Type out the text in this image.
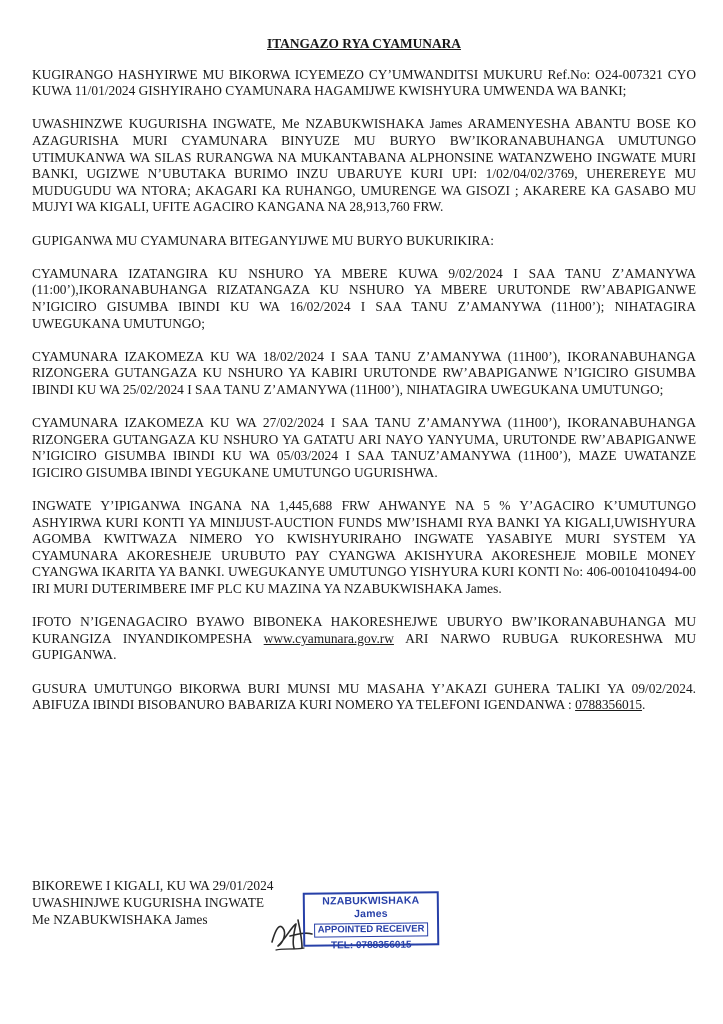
ITANGAZO RYA CYAMUNARA
KUGIRANGO HASHYIRWE MU BIKORWA ICYEMEZO CY’UMWANDITSI MUKURU Ref.No: O24-007321 CYO KUWA 11/01/2024 GISHYIRAHO CYAMUNARA HAGAMIJWE KWISHYURA UMWENDA WA BANKI;
UWASHINZWE KUGURISHA INGWATE, Me NZABUKWISHAKA James ARAMENYESHA ABANTU BOSE KO AZAGURISHA MURI CYAMUNARA BINYUZE MU BURYO BW’IKORANABUHANGA UMUTUNGO UTIMUKANWA WA SILAS RURANGWA NA MUKANTABANA ALPHONSINE WATANZWEHO INGWATE MURI BANKI, UGIZWE N’UBUTAKA BURIMO INZU UBARUYE KURI UPI: 1/02/04/02/3769, UHEREREYE MU MUDUGUDU WA NTORA; AKAGARI KA RUHANGO, UMURENGE WA GISOZI ; AKARERE KA GASABO MU MUJYI WA KIGALI, UFITE AGACIRO KANGANA NA 28,913,760 FRW.
GUPIGANWA MU CYAMUNARA BITEGANYIJWE MU BURYO BUKURIKIRA:
CYAMUNARA IZATANGIRA KU NSHURO YA MBERE KUWA 9/02/2024 I SAA TANU Z’AMANYWA (11:00’),IKORANABUHANGA RIZATANGAZA KU NSHURO YA MBERE URUTONDE RW’ABAPIGANWE N’IGICIRO GISUMBA IBINDI KU WA 16/02/2024 I SAA TANU Z’AMANYWA (11H00’); NIHATAGIRA UWEGUKANA UMUTUNGO;
CYAMUNARA IZAKOMEZA KU WA 18/02/2024 I SAA TANU Z’AMANYWA (11H00’), IKORANABUHANGA RIZONGERA GUTANGAZA KU NSHURO YA KABIRI URUTONDE RW’ABAPIGANWE N’IGICIRO GISUMBA IBINDI KU WA 25/02/2024 I SAA TANU Z’AMANYWA (11H00’), NIHATAGIRA UWEGUKANA UMUTUNGO;
CYAMUNARA IZAKOMEZA KU WA 27/02/2024 I SAA TANU Z’AMANYWA (11H00’), IKORANABUHANGA RIZONGERA GUTANGAZA KU NSHURO YA GATATU ARI NAYO YANYUMA, URUTONDE RW’ABAPIGANWE N’IGICIRO GISUMBA IBINDI KU WA 05/03/2024 I SAA TANUZ’AMANYWA (11H00’), MAZE UWATANZE IGICIRO GISUMBA IBINDI YEGUKANE UMUTUNGO UGURISHWA.
INGWATE Y’IPIGANWA INGANA NA 1,445,688 FRW AHWANYE NA 5 % Y’AGACIRO K’UMUTUNGO ASHYIRWA KURI KONTI YA MINIJUST-AUCTION FUNDS MW’ISHAMI RYA BANKI YA KIGALI,UWISHYURA AGOMBA KWITWAZA NIMERO YO KWISHYURIRAHO INGWATE YASABIYE MURI SYSTEM YA CYAMUNARA AKORESHEJE URUBUTO PAY CYANGWA AKISHYURA AKORESHEJE MOBILE MONEY CYANGWA IKARITA YA BANKI. UWEGUKANYE UMUTUNGO YISHYURA KURI KONTI No: 406-0010410494-00 IRI MURI DUTERIMBERE IMF PLC KU MAZINA YA NZABUKWISHAKA James.
IFOTO N’IGENAGACIRO BYAWO BIBONEKA HAKORESHEJWE UBURYO BW’IKORANABUHANGA MU KURANGIZA INYANDIKOMPESHA www.cyamunara.gov.rw ARI NARWO RUBUGA RUKORESHWA MU GUPIGANWA.
GUSURA UMUTUNGO BIKORWA BURI MUNSI MU MASAHA Y’AKAZI GUHERA TALIKI YA 09/02/2024. ABIFUZA IBINDI BISOBANURO BABARIZA KURI NOMERO YA TELEFONI IGENDANWA : 0788356015.
BIKOREWE I KIGALI, KU WA 29/01/2024
UWASHINJWE KUGURISHA INGWATE
Me NZABUKWISHAKA James
NZABUKWISHAKA James
APPOINTED RECEIVER
TEL: 0788356015
